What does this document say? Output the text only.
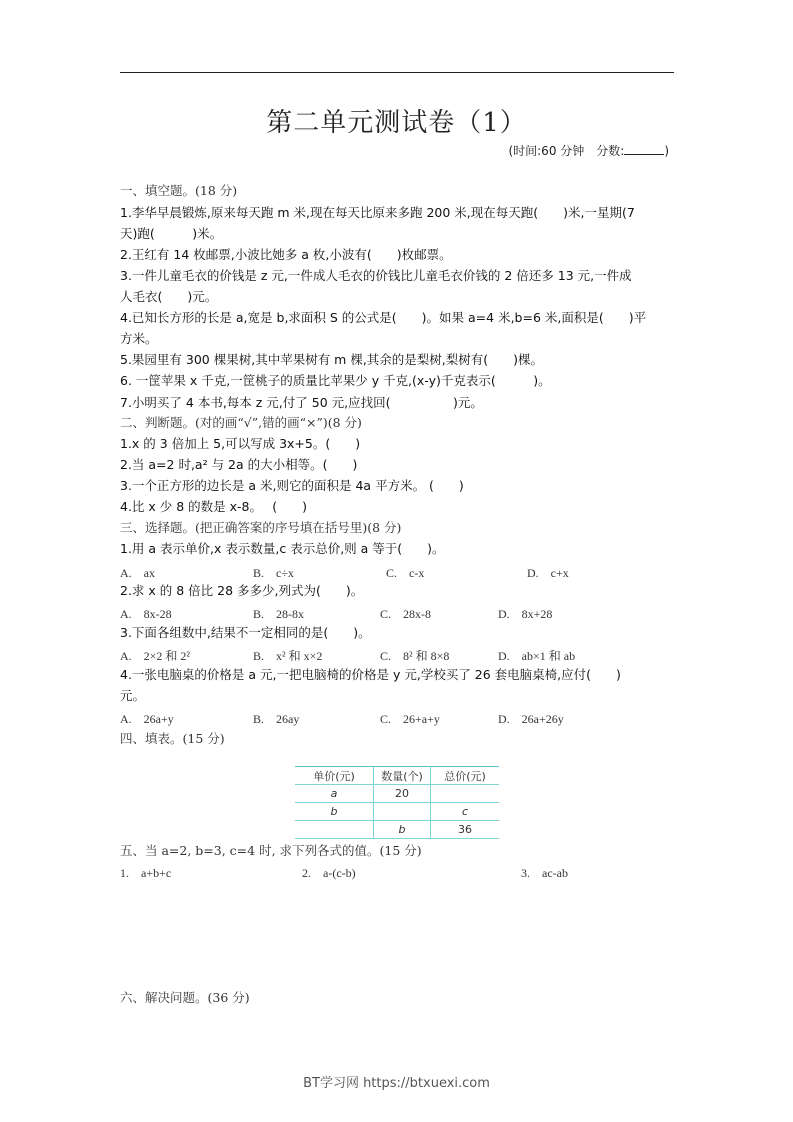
第二单元测试卷（1）
(时间:60 分钟　分数:	)
一、填空题。(18 分)
1.李华早晨锻炼,原来每天跑 m 米,现在每天比原来多跑 200 米,现在每天跑(　　)米,一星期(7
天)跑(　　　)米。
2.王红有 14 枚邮票,小波比她多 a 枚,小波有(　　)枚邮票。
3.一件儿童毛衣的价钱是 z 元,一件成人毛衣的价钱比儿童毛衣价钱的 2 倍还多 13 元,一件成
人毛衣(　　)元。
4.已知长方形的长是 a,宽是 b,求面积 S 的公式是(　　)。如果 a=4 米,b=6 米,面积是(　　)平
方米。
5.果园里有 300 棵果树,其中苹果树有 m 棵,其余的是梨树,梨树有(　　)棵。
6. 一筐苹果 x 千克,一筐桃子的质量比苹果少 y 千克,(x-y)千克表示(　　　)。
7.小明买了 4 本书,每本 z 元,付了 50 元,应找回(　　　　　)元。
二、判断题。(对的画“√”,错的画“×”)(8 分)
1.x 的 3 倍加上 5,可以写成 3x+5。(　　)
2.当 a=2 时,a² 与 2a 的大小相等。(　　)
3.一个正方形的边长是 a 米,则它的面积是 4a 平方米。 (　　)
4.比 x 少 8 的数是 x-8。　 (　　)
三、选择题。(把正确答案的序号填在括号里)(8 分)
1.用 a 表示单价,x 表示数量,c 表示总价,则 a 等于(　　)。
A.　ax	B.　c÷x	C.　c-x	D.　c+x
2.求 x 的 8 倍比 28 多多少,列式为(　　)。
A.　8x-28	B.　28-8x	C.　28x-8	D.　8x+28
3.下面各组数中,结果不一定相同的是(　　)。
A.　2×2 和 2²	B.　x² 和 x×2	C.　8² 和 8×8	D.　ab×1 和 ab
4.一张电脑桌的价格是 a 元,一把电脑椅的价格是 y 元,学校买了 26 套电脑桌椅,应付(　　)
元。
A.　26a+y	B.　26ay	C.　26+a+y	D.　26a+26y
四、填表。(15 分)
单价(元)	数量(个)	总价(元)
a	20	
b		c
	b	36
五、当 a=2, b=3, c=4 时, 求下列各式的值。(15 分)
1.　a+b+c	2.　a-(c-b)	3.　ac-ab
六、解决问题。(36 分)
BT学习网 https://btxuexi.com
